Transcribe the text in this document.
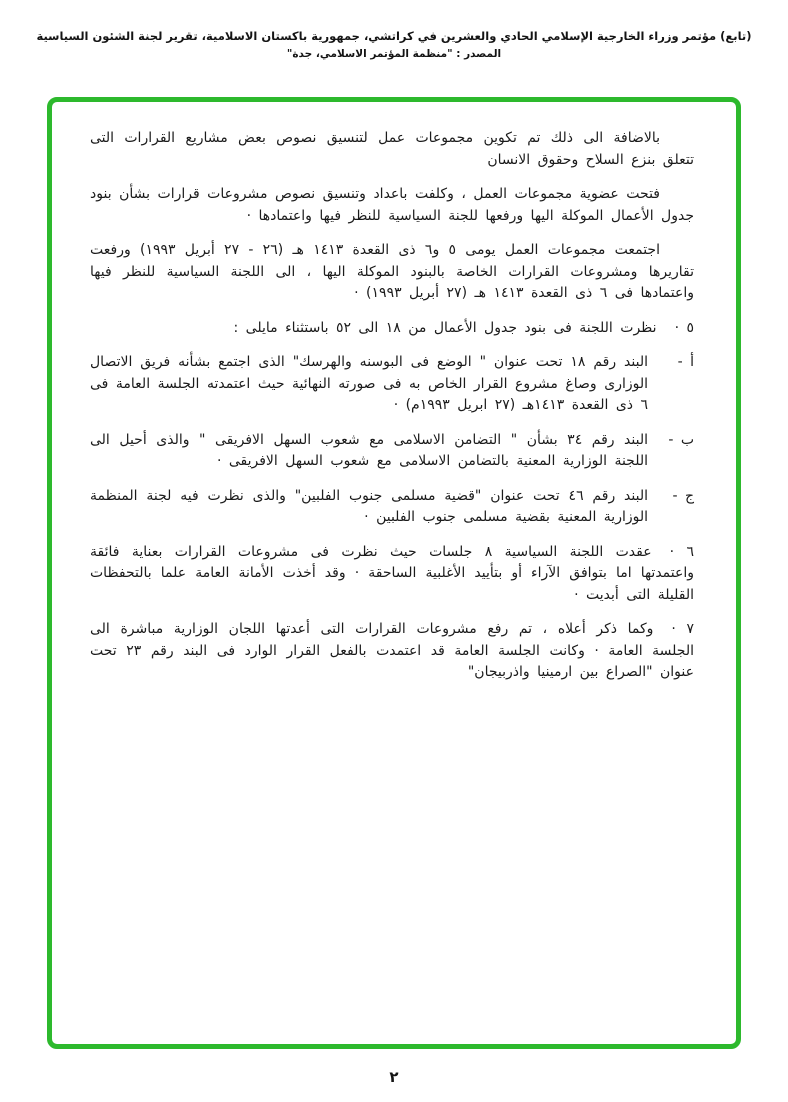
(تابع) مؤتمر وزراء الخارجية الإسلامي الحادي والعشرين في كراتشي، جمهورية باكستان الاسلامية، تقرير لجنة الشئون السياسية
المصدر : "منظمة المؤتمر الاسلامي، جدة"

بالاضافة الى ذلك تم تكوين مجموعات عمل لتنسيق نصوص بعض مشاريع القرارات التى تتعلق بنزع السلاح وحقوق الانسان

فتحت عضوية مجموعات العمل ، وكلفت باعداد وتنسيق نصوص مشروعات قرارات بشأن بنود جدول الأعمال الموكلة اليها ورفعها للجنة السياسية للنظر فيها واعتمادها ·

اجتمعت مجموعات العمل يومى ٥ و٦ ذى القعدة ١٤١٣ هـ (٢٦ - ٢٧ أبريل ١٩٩٣) ورفعت تقاريرها ومشروعات القرارات الخاصة بالبنود الموكلة اليها ، الى اللجنة السياسية للنظر فيها واعتمادها فى ٦ ذى القعدة ١٤١٣ هـ (٢٧ أبريل ١٩٩٣) ·

٥ ·نظرت اللجنة فى بنود جدول الأعمال من ١٨ الى ٥٢ باستثناء مايلى :

أ -
البند رقم ١٨ تحت عنوان " الوضع فى البوسنه والهرسك" الذى اجتمع بشأنه فريق الاتصال الوزارى وصاغ مشروع القرار الخاص به فى صورته النهائية حيث اعتمدته الجلسة العامة فى ٦ ذى القعدة ١٤١٣هـ (٢٧ ابريل ١٩٩٣م) ·
ب -
البند رقم ٣٤ بشأن " التضامن الاسلامى مع شعوب السهل الافريقى " والذى أحيل الى اللجنة الوزارية المعنية بالتضامن الاسلامى مع شعوب السهل الافريقى ·
ج -
البند رقم ٤٦ تحت عنوان "قضية مسلمى جنوب الفلبين" والذى نظرت فيه لجنة المنظمة الوزارية المعنية بقضية مسلمى جنوب الفلبين ·

٦ ·عقدت اللجنة السياسية ٨ جلسات حيث نظرت فى مشروعات القرارات بعناية فائقة واعتمدتها اما بتوافق الآراء أو بتأييد الأغلبية الساحقة · وقد أخذت الأمانة العامة علما بالتحفظات القليلة التى أبديت ·

٧ ·وكما ذكر أعلاه ، تم رفع مشروعات القرارات التى أعدتها اللجان الوزارية مباشرة الى الجلسة العامة · وكانت الجلسة العامة قد اعتمدت بالفعل القرار الوارد فى البند رقم ٢٣ تحت عنوان "الصراع بين ارمينيا واذربيجان"

٢
